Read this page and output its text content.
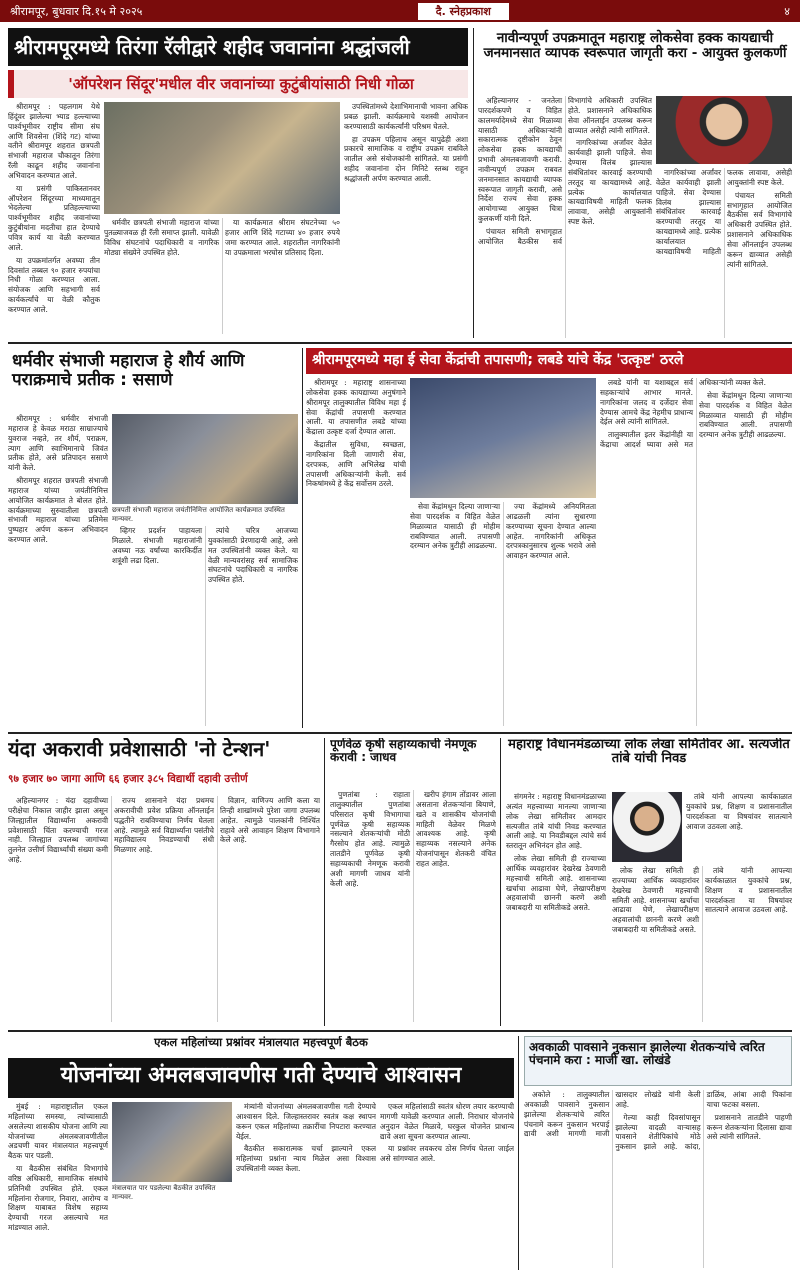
श्रीरामपूर, बुधवार दि.१५ मे २०२५	दै. स्नेहप्रकाश	४
श्रीरामपूरमध्ये तिरंगा रॅलीद्वारे शहीद जवानांना श्रद्धांजली
'ऑपरेशन सिंदूर'मधील वीर जवानांच्या कुटुंबीयांसाठी निधी गोळा

श्रीरामपूर : पहलगाम येथे हिंदूंवर झालेल्या भ्याड हल्ल्याच्या पार्श्वभूमीवर राष्ट्रीय सीमा संघ आणि शिवसेना (शिंदे गट) यांच्या वतीने श्रीरामपूर शहरात छत्रपती संभाजी महाराज चौकातून तिरंगा रॅली काढून शहीद जवानांना अभिवादन करण्यात आले.

या प्रसंगी पाकिस्तानवर ऑपरेशन सिंदूरच्या माध्यमातून भेदलेल्या प्रतिहल्ल्याच्या पार्श्वभूमीवर शहीद जवानांच्या कुटुंबीयांना मदतीचा हात देण्याचे पवित्र कार्य या वेळी करण्यात आले.

या उपक्रमांतर्गत अवघ्या तीन दिवसांत तब्बल ९० हजार रुपयांचा निधी गोळा करण्यात आला. संयोजक आणि सहभागी सर्व कार्यकर्त्यांचे या वेळी कौतुक करण्यात आले.

धर्मवीर छत्रपती संभाजी महाराज यांच्या पुतळ्याजवळ ही रॅली समाप्त झाली. यावेळी विविध संघटनांचे पदाधिकारी व नागरिक मोठ्या संख्येने उपस्थित होते.

या कार्यक्रमात श्रीराम संघटनेच्या ५० हजार आणि शिंदे गटाच्या ४० हजार रुपये जमा करण्यात आले. शहरातील नागरिकांनी या उपक्रमाला भरघोस प्रतिसाद दिला.

उपस्थितांमध्ये देशाभिमानाची भावना अधिक प्रबळ झाली. कार्यक्रमाचे यशस्वी आयोजन करण्यासाठी कार्यकर्त्यांनी परिश्रम घेतले.

हा उपक्रम पहिलाच असून यापुढेही अशा प्रकारचे सामाजिक व राष्ट्रीय उपक्रम राबविले जातील असे संयोजकांनी सांगितले. या प्रसंगी शहीद जवानांना दोन मिनिटे स्तब्ध राहून श्रद्धांजली अर्पण करण्यात आली.

नावीन्यपूर्ण उपक्रमातून महाराष्ट्र लोकसेवा हक्क कायद्याची जनमानसात व्यापक स्वरूपात जागृती करा - आयुक्त कुलकर्णी

अहिल्यानगर - जनतेला पारदर्शकपणे व विहित कालमर्यादेमध्ये सेवा मिळाव्या यासाठी अधिकाऱ्यांनी सकारात्मक दृष्टीकोन ठेवून लोकसेवा हक्क कायद्याची प्रभावी अंमलबजावणी करावी. नावीन्यपूर्ण उपक्रम राबवत जनमानसात कायद्याची व्यापक स्वरूपात जागृती करावी, असे निर्देश राज्य सेवा हक्क आयोगाच्या आयुक्त चित्रा कुलकर्णी यांनी दिले.

पंचायत समिती सभागृहात आयोजित बैठकीस सर्व विभागांचे अधिकारी उपस्थित होते. प्रशासनाने अधिकाधिक सेवा ऑनलाईन उपलब्ध करून द्याव्यात असेही त्यांनी सांगितले.

नागरिकांच्या अर्जांवर वेळेत कार्यवाही झाली पाहिजे. सेवा देण्यास विलंब झाल्यास संबंधितांवर कारवाई करण्याची तरतूद या कायद्यामध्ये आहे. प्रत्येक कार्यालयात कायद्याविषयी माहिती फलक लावावा, असेही आयुक्तांनी स्पष्ट केले.

नागरिकांच्या अर्जांवर वेळेत कार्यवाही झाली पाहिजे. सेवा देण्यास विलंब झाल्यास संबंधितांवर कारवाई करण्याची तरतूद या कायद्यामध्ये आहे. प्रत्येक कार्यालयात कायद्याविषयी माहिती फलक लावावा, असेही आयुक्तांनी स्पष्ट केले.

पंचायत समिती सभागृहात आयोजित बैठकीस सर्व विभागांचे अधिकारी उपस्थित होते. प्रशासनाने अधिकाधिक सेवा ऑनलाईन उपलब्ध करून द्याव्यात असेही त्यांनी सांगितले.

धर्मवीर संभाजी महाराज हे शौर्य आणि पराक्रमाचे प्रतीक : ससाणे

श्रीरामपूर : धर्मवीर संभाजी महाराज हे केवळ मराठा साम्राज्याचे युवराज नव्हते, तर शौर्य, पराक्रम, त्याग आणि स्वाभिमानाचे जिवंत प्रतीक होते, असे प्रतिपादन ससाणे यांनी केले.

श्रीरामपूर शहरात छत्रपती संभाजी महाराज यांच्या जयंतीनिमित्त आयोजित कार्यक्रमात ते बोलत होते. कार्यक्रमाच्या सुरुवातीला छत्रपती संभाजी महाराज यांच्या प्रतिमेस पुष्पहार अर्पण करून अभिवादन करण्यात आले.

छत्रपती संभाजी महाराज जयंतीनिमित्त आयोजित कार्यक्रमात उपस्थित मान्यवर.

व्हिगर प्रदर्शन पाहायला मिळाले. संभाजी महाराजांनी अवघ्या नऊ वर्षांच्या कारकिर्दीत शत्रूंशी लढा दिला.

त्यांचे चरित्र आजच्या युवकांसाठी प्रेरणादायी आहे, असे मत उपस्थितांनी व्यक्त केले. या वेळी मान्यवरांसह सर्व सामाजिक संघटनांचे पदाधिकारी व नागरिक उपस्थित होते.

श्रीरामपूरमध्ये महा ई सेवा केंद्रांची तपासणी; लबडे यांचे केंद्र 'उत्कृष्ट' ठरले

श्रीरामपूर : महाराष्ट्र शासनाच्या लोकसेवा हक्क कायद्याच्या अनुषंगाने श्रीरामपूर तालुक्यातील विविध महा ई सेवा केंद्रांची तपासणी करण्यात आली. या तपासणीत लबडे यांच्या केंद्राला उत्कृष्ट दर्जा देण्यात आला.

केंद्रातील सुविधा, स्वच्छता, नागरिकांना दिली जाणारी सेवा, दरपत्रक, आणि अभिलेख यांची तपासणी अधिकाऱ्यांनी केली. सर्व निकषांमध्ये हे केंद्र सर्वोत्तम ठरले.

सेवा केंद्रांमधून दिल्या जाणाऱ्या सेवा पारदर्शक व विहित वेळेत मिळाव्यात यासाठी ही मोहीम राबविण्यात आली. तपासणी दरम्यान अनेक त्रुटीही आढळल्या.

ज्या केंद्रांमध्ये अनियमितता आढळली त्यांना सुधारणा करण्याच्या सूचना देण्यात आल्या आहेत. नागरिकांनी अधिकृत दरपत्रकानुसारच शुल्क भरावे असे आवाहन करण्यात आले.

लबडे यांनी या यशाबद्दल सर्व सहकाऱ्यांचे आभार मानले. नागरिकांना जलद व दर्जेदार सेवा देण्यास आमचे केंद्र नेहमीच प्राधान्य देईल असे त्यांनी सांगितले.

तालुक्यातील इतर केंद्रांनीही या केंद्राचा आदर्श घ्यावा असे मत अधिकाऱ्यांनी व्यक्त केले.

सेवा केंद्रांमधून दिल्या जाणाऱ्या सेवा पारदर्शक व विहित वेळेत मिळाव्यात यासाठी ही मोहीम राबविण्यात आली. तपासणी दरम्यान अनेक त्रुटीही आढळल्या.

यंदा अकरावी प्रवेशासाठी 'नो टेन्शन'
९७ हजार ७० जागा आणि ६६ हजार ३८५ विद्यार्थी दहावी उत्तीर्ण

अहिल्यानगर : यंदा दहावीच्या परीक्षेचा निकाल जाहीर झाला असून जिल्ह्यातील विद्यार्थ्यांना अकरावी प्रवेशासाठी चिंता करण्याची गरज नाही. जिल्ह्यात उपलब्ध जागांच्या तुलनेत उत्तीर्ण विद्यार्थ्यांची संख्या कमी आहे.

राज्य शासनाने यंदा प्रथमच अकरावीची प्रवेश प्रक्रिया ऑनलाईन पद्धतीने राबविण्याचा निर्णय घेतला आहे. त्यामुळे सर्व विद्यार्थ्यांना पसंतीचे महाविद्यालय निवडण्याची संधी मिळणार आहे.

विज्ञान, वाणिज्य आणि कला या तिन्ही शाखांमध्ये पुरेशा जागा उपलब्ध आहेत. त्यामुळे पालकांनी निश्चिंत राहावे असे आवाहन शिक्षण विभागाने केले आहे.

पूर्णवेळ कृषी सहाय्यकाची नेमणूक करावी : जाधव

पुणतांबा : राहाता तालुक्यातील पुणतांबा परिसरात कृषी विभागाचा पूर्णवेळ कृषी सहाय्यक नसल्याने शेतकऱ्यांची मोठी गैरसोय होत आहे. त्यामुळे तातडीने पूर्णवेळ कृषी सहाय्यकाची नेमणूक करावी अशी मागणी जाधव यांनी केली आहे.

खरीप हंगाम तोंडावर आला असताना शेतकऱ्यांना बियाणे, खते व शासकीय योजनांची माहिती वेळेवर मिळणे आवश्यक आहे. कृषी सहाय्यक नसल्याने अनेक योजनांपासून शेतकरी वंचित राहत आहेत.

महाराष्ट्र विधानमंडळाच्या लोक लेखा समितीवर आ. सत्यजीत तांबे यांची निवड

संगमनेर : महाराष्ट्र विधानमंडळाच्या अत्यंत महत्त्वाच्या मानल्या जाणाऱ्या लोक लेखा समितीवर आमदार सत्यजीत तांबे यांची निवड करण्यात आली आहे. या निवडीबद्दल त्यांचे सर्व स्तरातून अभिनंदन होत आहे.

लोक लेखा समिती ही राज्याच्या आर्थिक व्यवहारांवर देखरेख ठेवणारी महत्त्वाची समिती आहे. शासनाच्या खर्चाचा आढावा घेणे, लेखापरीक्षण अहवालांची छाननी करणे अशी जबाबदारी या समितीकडे असते.

लोक लेखा समिती ही राज्याच्या आर्थिक व्यवहारांवर देखरेख ठेवणारी महत्त्वाची समिती आहे. शासनाच्या खर्चाचा आढावा घेणे, लेखापरीक्षण अहवालांची छाननी करणे अशी जबाबदारी या समितीकडे असते.

तांबे यांनी आपल्या कार्यकाळात युवकांचे प्रश्न, शिक्षण व प्रशासनातील पारदर्शकता या विषयांवर सातत्याने आवाज उठवला आहे.

तांबे यांनी आपल्या कार्यकाळात युवकांचे प्रश्न, शिक्षण व प्रशासनातील पारदर्शकता या विषयांवर सातत्याने आवाज उठवला आहे.

एकल महिलांच्या प्रश्नांवर मंत्रालयात महत्त्वपूर्ण बैठक
योजनांच्या अंमलबजावणीस गती देण्याचे आश्वासन

मुंबई : महाराष्ट्रातील एकल महिलांच्या समस्या, त्यांच्यासाठी असलेल्या शासकीय योजना आणि त्या योजनांच्या अंमलबजावणीतील अडचणी यावर मंत्रालयात महत्त्वपूर्ण बैठक पार पडली.

या बैठकीस संबंधित विभागांचे वरिष्ठ अधिकारी, सामाजिक संस्थांचे प्रतिनिधी उपस्थित होते. एकल महिलांना रोजगार, निवारा, आरोग्य व शिक्षण याबाबत विशेष सहाय्य देण्याची गरज असल्याचे मत मांडण्यात आले.

मंत्रालयात पार पडलेल्या बैठकीत उपस्थित मान्यवर.

मंत्र्यांनी योजनांच्या अंमलबजावणीस गती देण्याचे आश्वासन दिले. जिल्हास्तरावर स्वतंत्र कक्ष स्थापन करून एकल महिलांच्या तक्रारींचा निपटारा करण्यात येईल.

बैठकीत सकारात्मक चर्चा झाल्याने एकल महिलांच्या प्रश्नांना न्याय मिळेल असा विश्वास उपस्थितांनी व्यक्त केला.

एकल महिलांसाठी स्वतंत्र धोरण तयार करण्याची मागणी यावेळी करण्यात आली. निराधार योजनांचे अनुदान वेळेत मिळावे, घरकुल योजनेत प्राधान्य द्यावे अशा सूचना करण्यात आल्या.

या प्रश्नांवर लवकरच ठोस निर्णय घेतला जाईल असे सांगण्यात आले.

अवकाळी पावसाने नुकसान झालेल्या शेतकऱ्यांचे त्वरित पंचनामे करा : माजी खा. लोखंडे

अकोले : तालुक्यातील अवकाळी पावसाने नुकसान झालेल्या शेतकऱ्यांचे त्वरित पंचनामे करून नुकसान भरपाई द्यावी अशी मागणी माजी खासदार लोखंडे यांनी केली आहे.

गेल्या काही दिवसांपासून झालेल्या वादळी वाऱ्यासह पावसाने शेतीपिकांचे मोठे नुकसान झाले आहे. कांदा, डाळिंब, आंबा आदी पिकांना याचा फटका बसला.

प्रशासनाने तातडीने पाहणी करून शेतकऱ्यांना दिलासा द्यावा असे त्यांनी सांगितले.
